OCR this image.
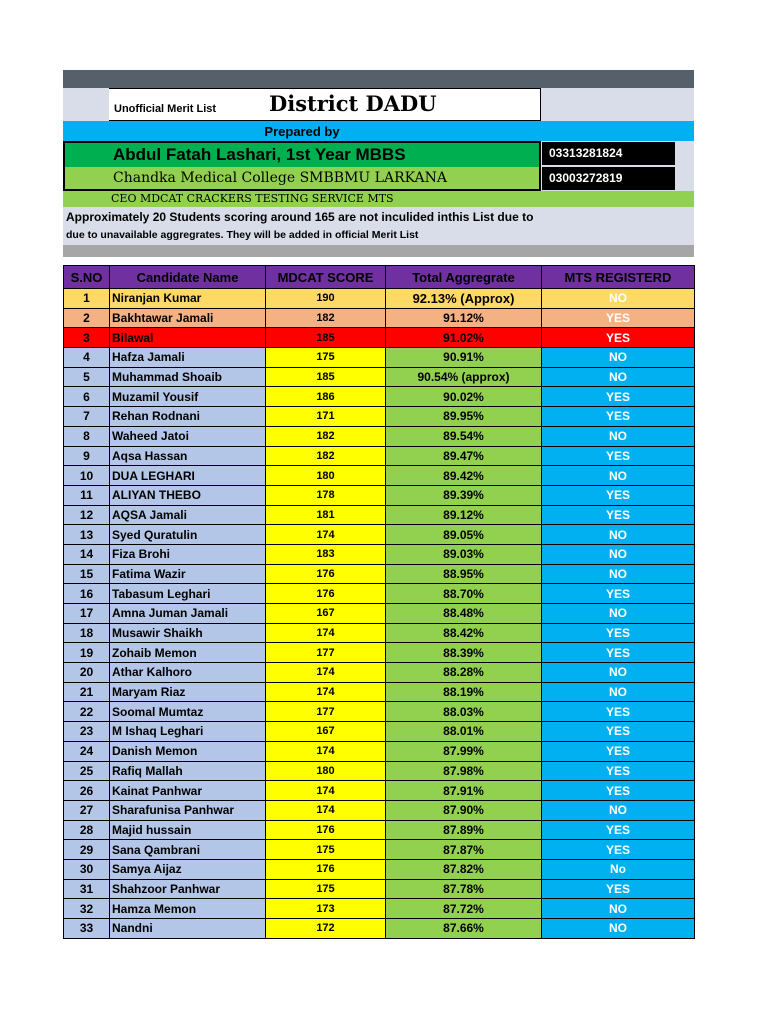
Unofficial Merit List	District DADU
Prepared by
Abdul Fatah Lashari, 1st Year MBBS
Chandka Medical College SMBBMU LARKANA
03313281824
03003272819
CEO MDCAT CRACKERS TESTING SERVICE MTS
Approximately 20 Students scoring around 165 are not inculided inthis List due to
due to unavailable aggregrates. They will be added in official Merit List
S.NO	Candidate Name	MDCAT SCORE	Total Aggregrate	MTS REGISTERD
1	Niranjan Kumar	190	92.13% (Approx)	NO
2	Bakhtawar Jamali	182	91.12%	YES
3	Bilawal	185	91.02%	YES
4	Hafza Jamali	175	90.91%	NO
5	Muhammad Shoaib	185	90.54% (approx)	NO
6	Muzamil Yousif	186	90.02%	YES
7	Rehan Rodnani	171	89.95%	YES
8	Waheed Jatoi	182	89.54%	NO
9	Aqsa Hassan	182	89.47%	YES
10	DUA LEGHARI	180	89.42%	NO
11	ALIYAN THEBO	178	89.39%	YES
12	AQSA Jamali	181	89.12%	YES
13	Syed Quratulin	174	89.05%	NO
14	Fiza Brohi	183	89.03%	NO
15	Fatima Wazir	176	88.95%	NO
16	Tabasum Leghari	176	88.70%	YES
17	Amna Juman Jamali	167	88.48%	NO
18	Musawir Shaikh	174	88.42%	YES
19	Zohaib Memon	177	88.39%	YES
20	Athar Kalhoro	174	88.28%	NO
21	Maryam Riaz	174	88.19%	NO
22	Soomal Mumtaz	177	88.03%	YES
23	M Ishaq Leghari	167	88.01%	YES
24	Danish Memon	174	87.99%	YES
25	Rafiq Mallah	180	87.98%	YES
26	Kainat Panhwar	174	87.91%	YES
27	Sharafunisa Panhwar	174	87.90%	NO
28	Majid hussain	176	87.89%	YES
29	Sana Qambrani	175	87.87%	YES
30	Samya Aijaz	176	87.82%	No
31	Shahzoor Panhwar	175	87.78%	YES
32	Hamza Memon	173	87.72%	NO
33	Nandni	172	87.66%	NO
